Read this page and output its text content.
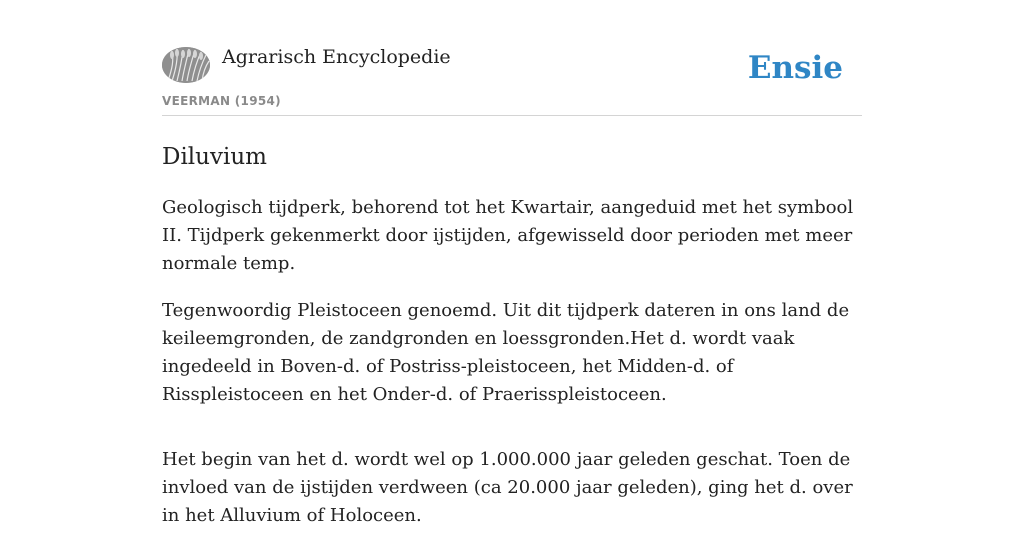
Agrarisch Encyclopedie
VEERMAN (1954)
Ensie
Diluvium

Geologisch tijdperk, behorend tot het Kwartair, aangeduid met het symbool II. Tijdperk gekenmerkt door ijstijden, afgewisseld door perioden met meer normale temp.

Tegenwoordig Pleistoceen genoemd. Uit dit tijdperk dateren in ons land de keileemgronden, de zandgronden en loessgronden.Het d. wordt vaak ingedeeld in Boven-d. of Postriss-pleistoceen, het Midden-d. of Risspleistoceen en het Onder-d. of Praerisspleistoceen.

Het begin van het d. wordt wel op 1.000.000 jaar geleden geschat. Toen de invloed van de ijstijden verdween (ca 20.000 jaar geleden), ging het d. over in het Alluvium of Holoceen.
